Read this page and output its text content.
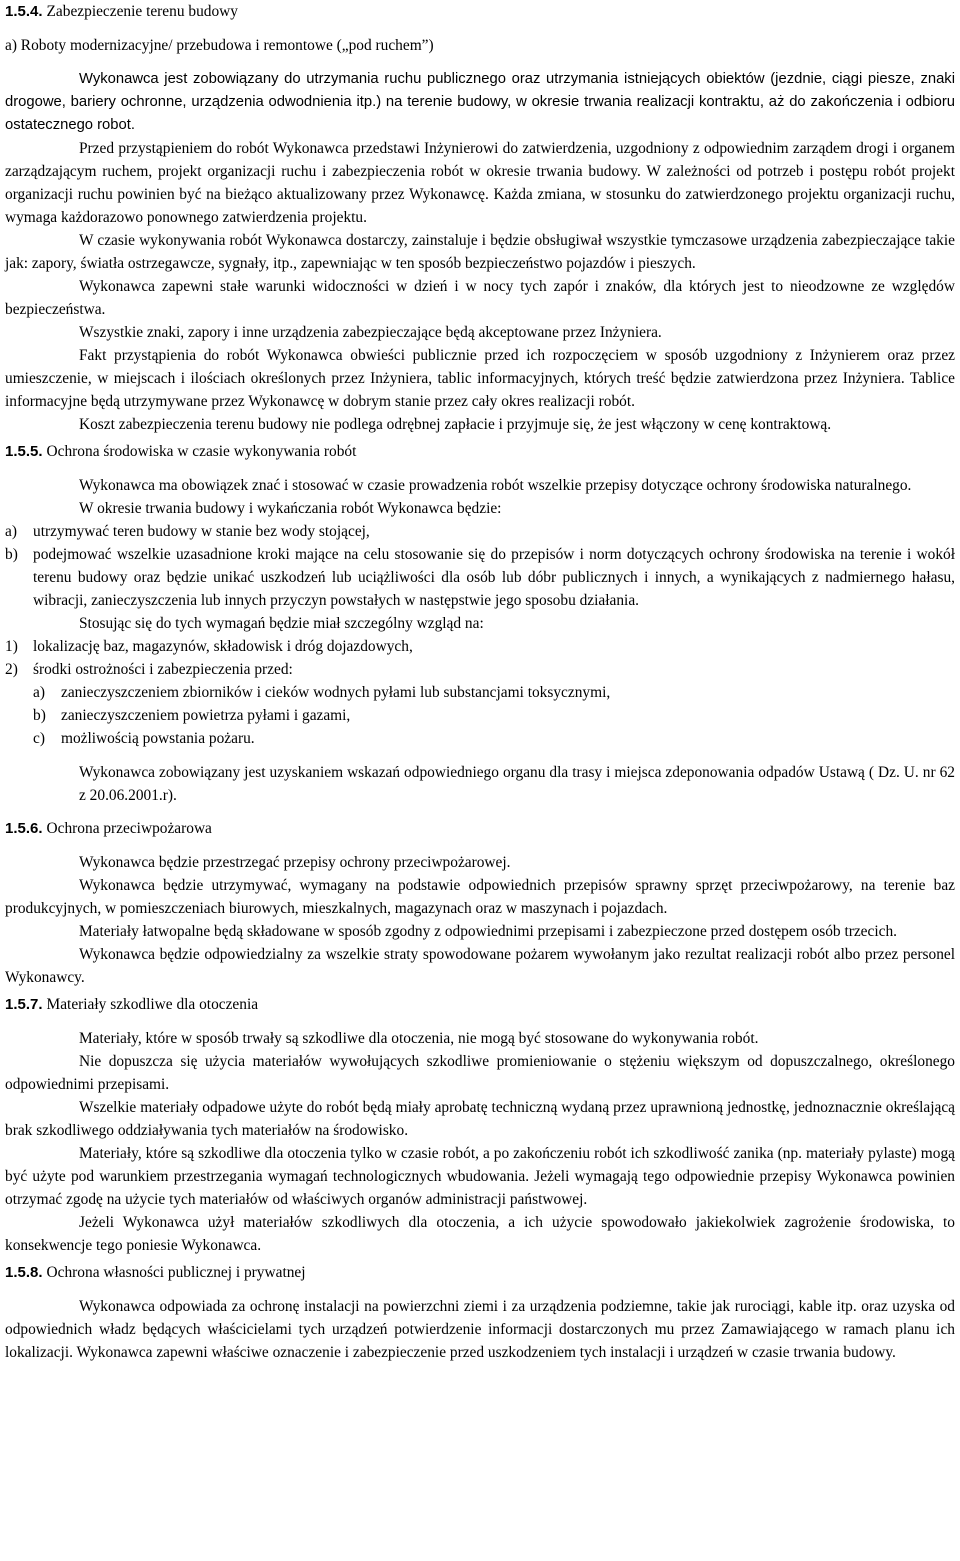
1.5.4. Zabezpieczenie terenu budowy

a) Roboty modernizacyjne/ przebudowa i remontowe („pod ruchem”)

Wykonawca jest zobowiązany do utrzymania ruchu publicznego oraz utrzymania istniejących obiektów (jezdnie, ciągi piesze, znaki drogowe, bariery ochronne, urządzenia odwodnienia itp.) na terenie budowy, w okresie trwania realizacji kontraktu, aż do zakończenia i odbioru ostatecznego robot.

Przed przystąpieniem do robót Wykonawca przedstawi Inżynierowi do zatwierdzenia, uzgodniony z odpowiednim zarządem drogi i organem zarządzającym ruchem, projekt organizacji ruchu i zabezpieczenia robót w okresie trwania budowy. W zależności od potrzeb i postępu robót projekt organizacji ruchu powinien być na bieżąco aktualizowany przez Wykonawcę. Każda zmiana, w stosunku do zatwierdzonego projektu organizacji ruchu, wymaga każdorazowo ponownego zatwierdzenia projektu.

W czasie wykonywania robót Wykonawca dostarczy, zainstaluje i będzie obsługiwał wszystkie tymczasowe urządzenia zabezpieczające takie jak: zapory, światła ostrzegawcze, sygnały, itp., zapewniając w ten sposób bezpieczeństwo pojazdów i pieszych.

Wykonawca zapewni stałe warunki widoczności w dzień i w nocy tych zapór i znaków, dla których jest to nieodzowne ze względów bezpieczeństwa.

Wszystkie znaki, zapory i inne urządzenia zabezpieczające będą akceptowane przez Inżyniera.

Fakt przystąpienia do robót Wykonawca obwieści publicznie przed ich rozpoczęciem w sposób uzgodniony z Inżynierem oraz przez umieszczenie, w miejscach i ilościach określonych przez Inżyniera, tablic informacyjnych, których treść będzie zatwierdzona przez Inżyniera. Tablice informacyjne będą utrzymywane przez Wykonawcę w dobrym stanie przez cały okres realizacji robót.

Koszt zabezpieczenia terenu budowy nie podlega odrębnej zapłacie i przyjmuje się, że jest włączony w cenę kontraktową.

1.5.5. Ochrona środowiska w czasie wykonywania robót

Wykonawca ma obowiązek znać i stosować w czasie prowadzenia robót wszelkie przepisy dotyczące ochrony środowiska naturalnego.

W okresie trwania budowy i wykańczania robót Wykonawca będzie:

a)	utrzymywać teren budowy w stanie bez wody stojącej,
b) podejmować wszelkie uzasadnione kroki mające na celu stosowanie się do przepisów i norm dotyczących ochrony środowiska na terenie i wokół terenu budowy oraz będzie unikać uszkodzeń lub uciążliwości dla osób lub dóbr publicznych i innych, a wynikających z nadmiernego hałasu, wibracji, zanieczyszczenia lub innych przyczyn powstałych w następstwie jego sposobu działania.

Stosując się do tych wymagań będzie miał szczególny wzgląd na:

1) lokalizację baz, magazynów, składowisk i dróg dojazdowych,
2) środki ostrożności i zabezpieczenia przed:
a)	zanieczyszczeniem zbiorników i cieków wodnych pyłami lub substancjami toksycznymi,
b) zanieczyszczeniem powietrza pyłami i gazami,
c)	możliwością powstania pożaru.

Wykonawca zobowiązany jest uzyskaniem wskazań odpowiedniego organu dla trasy i miejsca zdeponowania odpadów Ustawą ( Dz. U. nr 62 z 20.06.2001.r).

1.5.6. Ochrona przeciwpożarowa

Wykonawca będzie przestrzegać przepisy ochrony przeciwpożarowej.

Wykonawca będzie utrzymywać, wymagany na podstawie odpowiednich przepisów sprawny sprzęt przeciwpożarowy, na terenie baz produkcyjnych, w pomieszczeniach biurowych, mieszkalnych, magazynach oraz w maszynach i pojazdach.

Materiały łatwopalne będą składowane w sposób zgodny z odpowiednimi przepisami i zabezpieczone przed dostępem osób trzecich.

Wykonawca będzie odpowiedzialny za wszelkie straty spowodowane pożarem wywołanym jako rezultat realizacji robót albo przez personel Wykonawcy.

1.5.7. Materiały szkodliwe dla otoczenia

Materiały, które w sposób trwały są szkodliwe dla otoczenia, nie mogą być stosowane do wykonywania robót.

Nie dopuszcza się użycia materiałów wywołujących szkodliwe promieniowanie o stężeniu większym od dopuszczalnego, określonego odpowiednimi przepisami.

Wszelkie materiały odpadowe użyte do robót będą miały aprobatę techniczną wydaną przez uprawnioną jednostkę, jednoznacznie określającą brak szkodliwego oddziaływania tych materiałów na środowisko.

Materiały, które są szkodliwe dla otoczenia tylko w czasie robót, a po zakończeniu robót ich szkodliwość zanika (np. materiały pylaste) mogą być użyte pod warunkiem przestrzegania wymagań technologicznych wbudowania. Jeżeli wymagają tego odpowiednie przepisy Wykonawca powinien otrzymać zgodę na użycie tych materiałów od właściwych organów administracji państwowej.

Jeżeli Wykonawca użył materiałów szkodliwych dla otoczenia, a ich użycie spowodowało jakiekolwiek zagrożenie środowiska, to konsekwencje tego poniesie Wykonawca.

1.5.8. Ochrona własności publicznej i prywatnej

Wykonawca odpowiada za ochronę instalacji na powierzchni ziemi i za urządzenia podziemne, takie jak rurociągi, kable itp. oraz uzyska od odpowiednich władz będących właścicielami tych urządzeń potwierdzenie informacji dostarczonych mu przez Zamawiającego w ramach planu ich lokalizacji. Wykonawca zapewni właściwe oznaczenie i zabezpieczenie przed uszkodzeniem tych instalacji i urządzeń w czasie trwania budowy.
